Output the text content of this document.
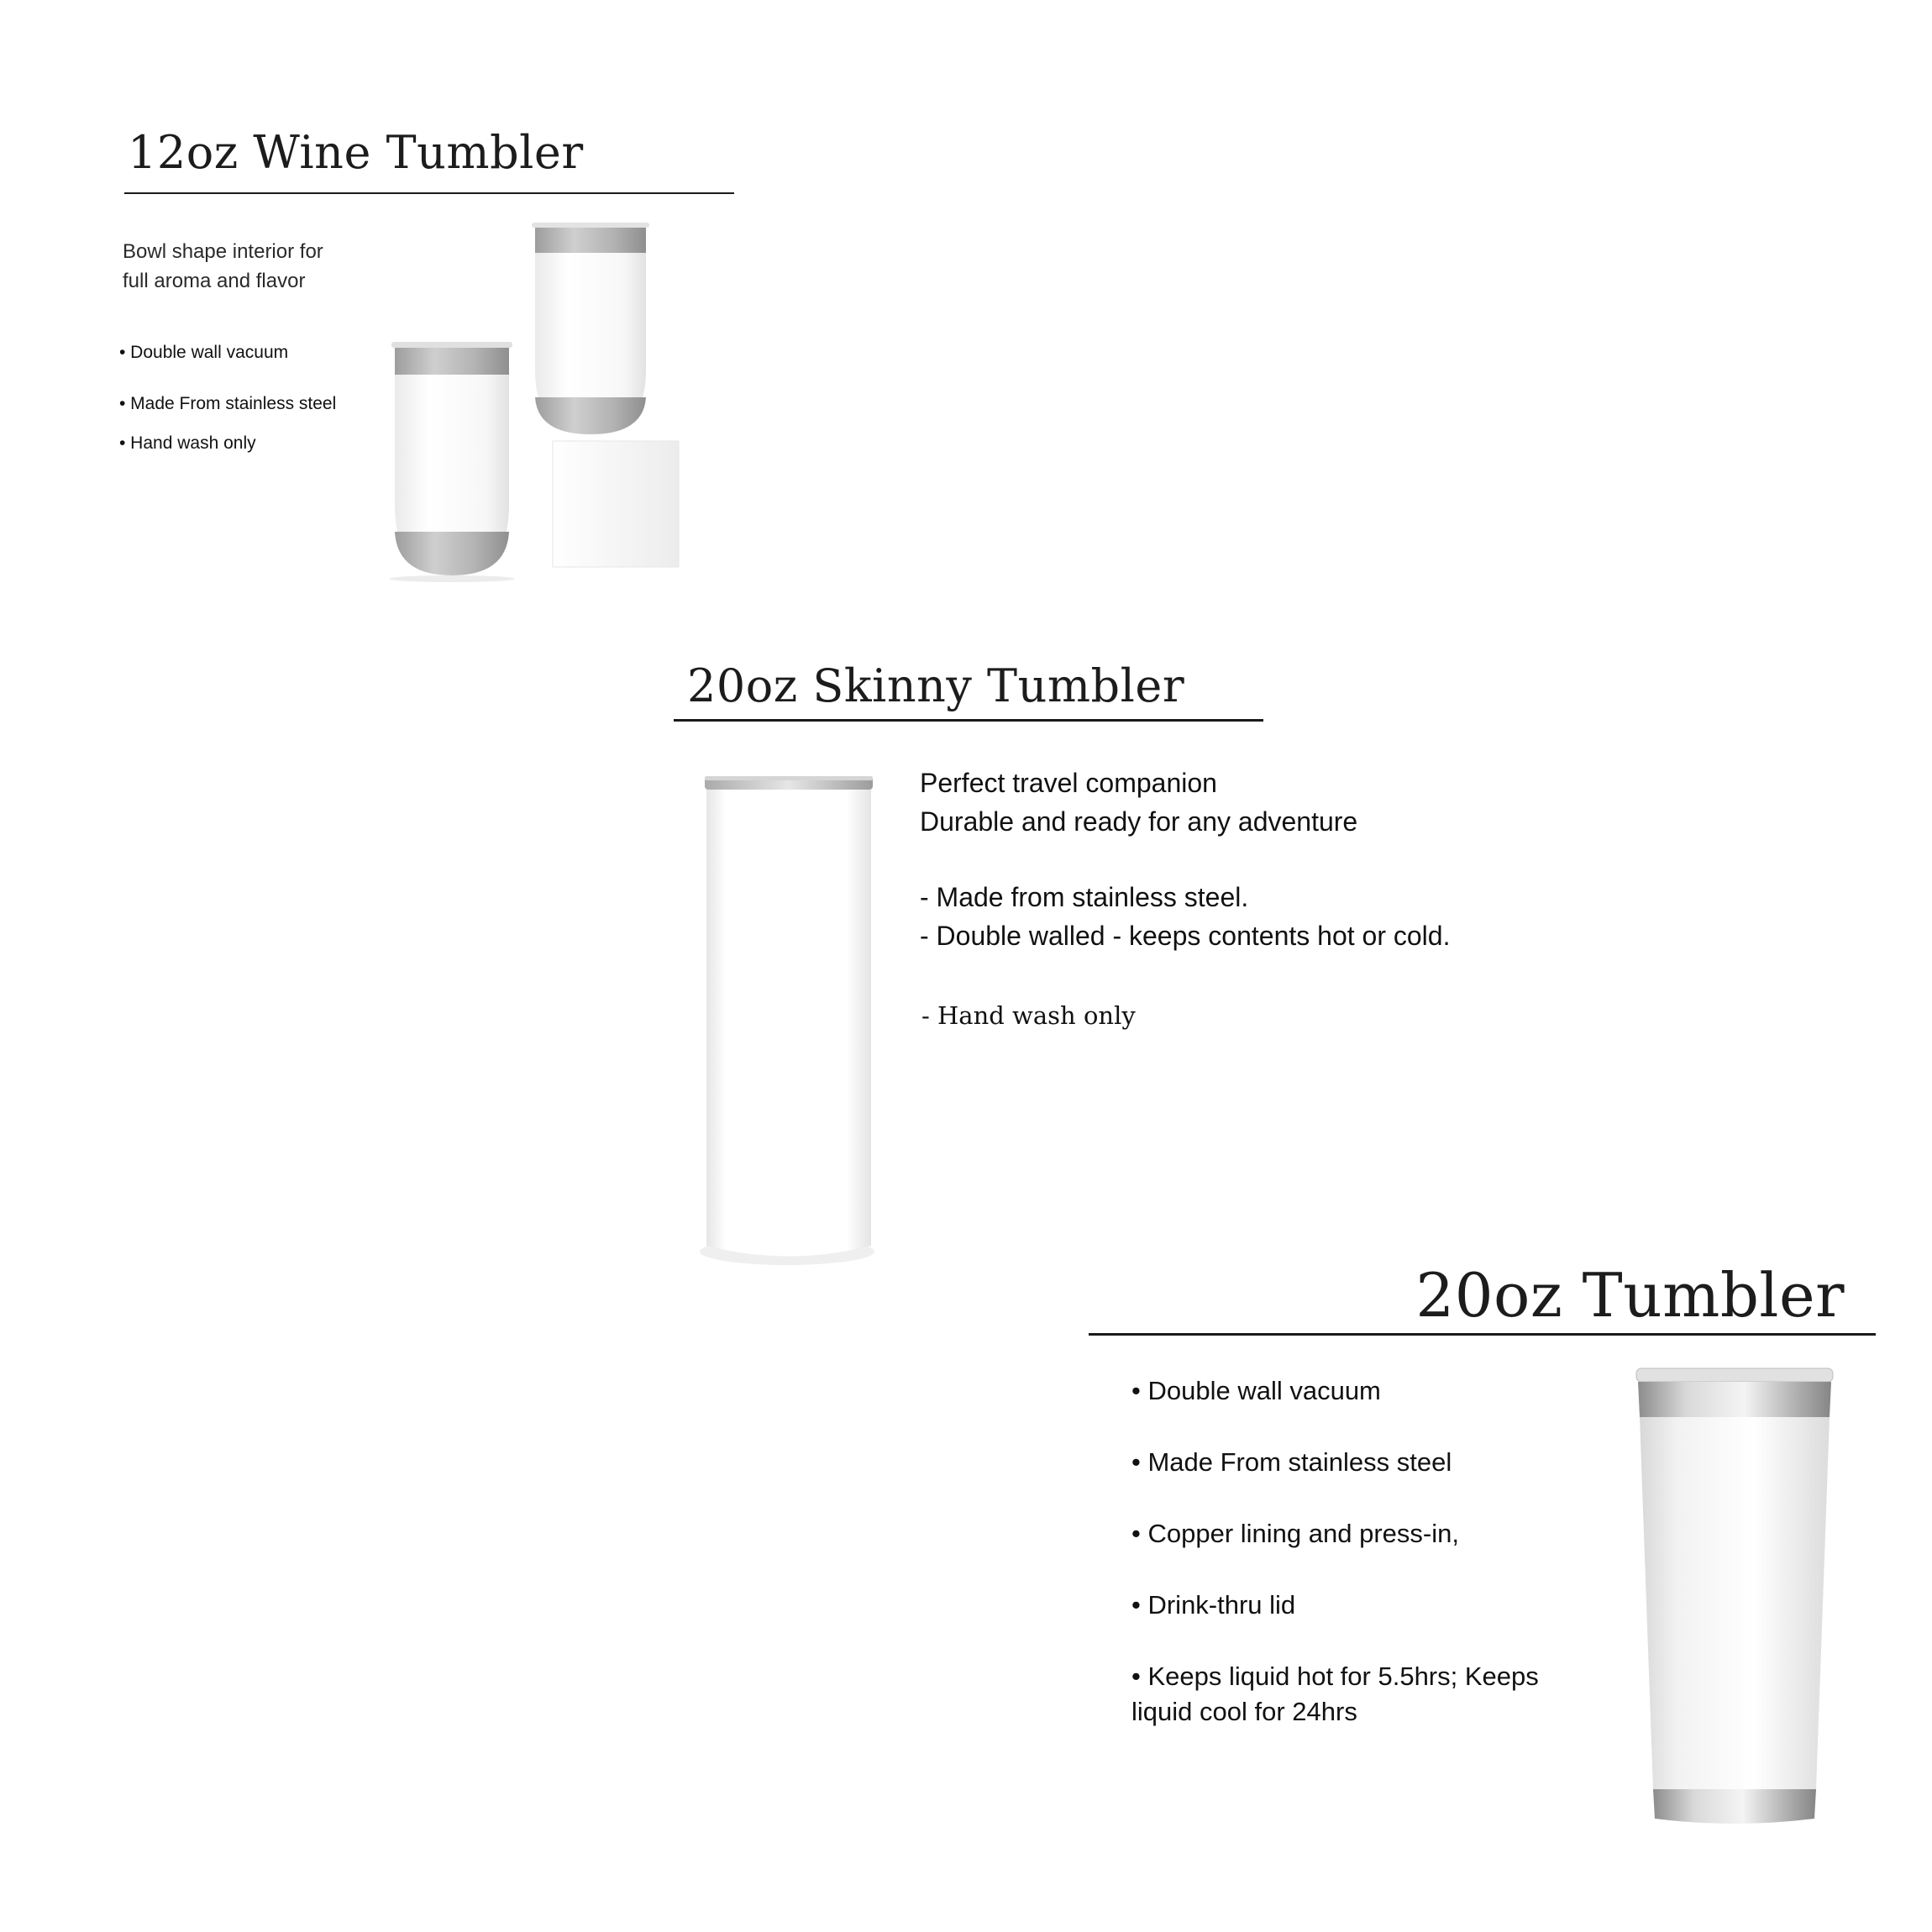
12oz Wine Tumbler
Bowl shape interior for full aroma and flavor
• Double wall vacuum
• Made From stainless steel
• Hand wash only
20oz Skinny Tumbler
Perfect travel companion
Durable and ready for any adventure
- Made from stainless steel.
- Double walled - keeps contents hot or cold.
- Hand wash only
20oz Tumbler
• Double wall vacuum
• Made From stainless steel
• Copper lining and press-in,
• Drink-thru lid
• Keeps liquid hot for 5.5hrs; Keeps liquid cool for 24hrs
